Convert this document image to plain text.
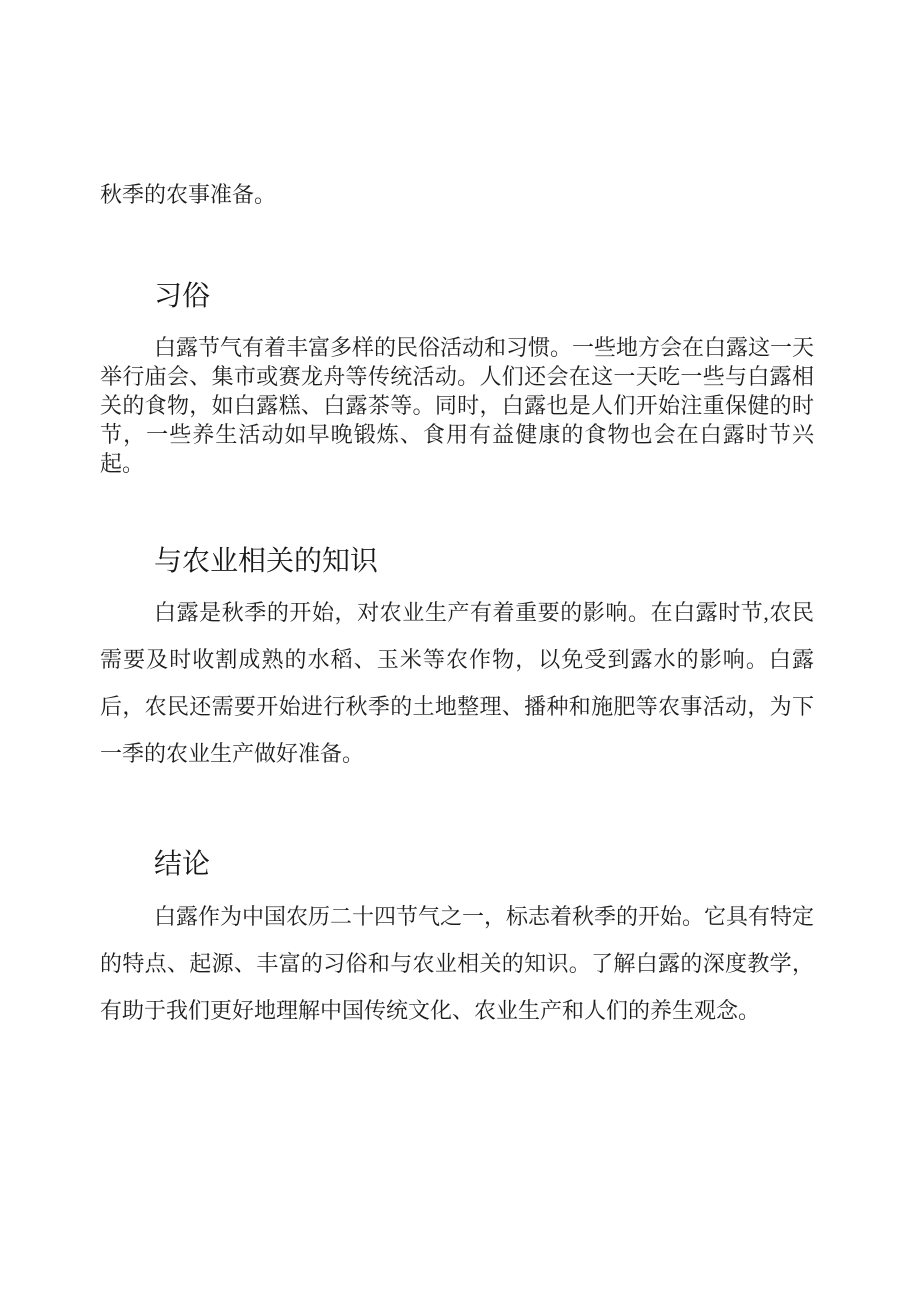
秋季的农事准备。

习俗

白露节气有着丰富多样的民俗活动和习惯。一些地方会在白露这一天举行庙会、集市或赛龙舟等传统活动。人们还会在这一天吃一些与白露相关的食物，如白露糕、白露茶等。同时，白露也是人们开始注重保健的时节，一些养生活动如早晚锻炼、食用有益健康的食物也会在白露时节兴起。

与农业相关的知识

白露是秋季的开始，对农业生产有着重要的影响。在白露时节,农民需要及时收割成熟的水稻、玉米等农作物，以免受到露水的影响。白露后，农民还需要开始进行秋季的土地整理、播种和施肥等农事活动，为下一季的农业生产做好准备。

结论

白露作为中国农历二十四节气之一，标志着秋季的开始。它具有特定的特点、起源、丰富的习俗和与农业相关的知识。了解白露的深度教学，有助于我们更好地理解中国传统文化、农业生产和人们的养生观念。
